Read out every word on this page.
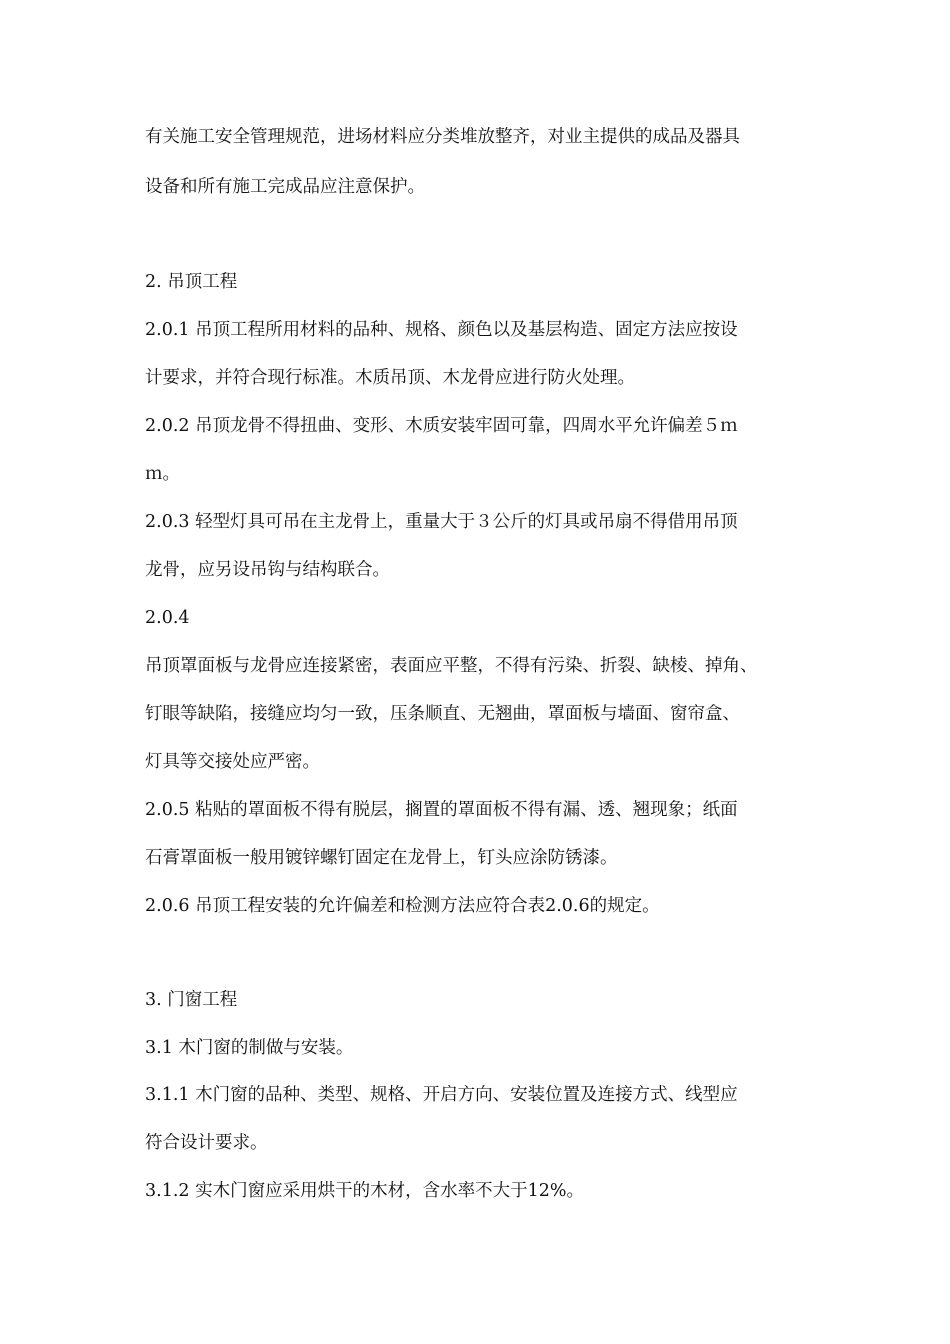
有关施工安全管理规范，进场材料应分类堆放整齐，对业主提供的成品及器具
设备和所有施工完成品应注意保护。
2. 吊顶工程
2.0.1 吊顶工程所用材料的品种、规格、颜色以及基层构造、固定方法应按设
计要求，并符合现行标准。木质吊顶、木龙骨应进行防火处理。
2.0.2 吊顶龙骨不得扭曲、变形、木质安装牢固可靠，四周水平允许偏差５ｍ
ｍ。
2.0.3 轻型灯具可吊在主龙骨上，重量大于３公斤的灯具或吊扇不得借用吊顶
龙骨，应另设吊钩与结构联合。
2.0.4
吊顶罩面板与龙骨应连接紧密，表面应平整，不得有污染、折裂、缺棱、掉角、
钉眼等缺陷，接缝应均匀一致，压条顺直、无翘曲，罩面板与墙面、窗帘盒、
灯具等交接处应严密。
2.0.5 粘贴的罩面板不得有脱层，搁置的罩面板不得有漏、透、翘现象；纸面
石膏罩面板一般用镀锌螺钉固定在龙骨上，钉头应涂防锈漆。
2.0.6 吊顶工程安装的允许偏差和检测方法应符合表2.0.6的规定。
3. 门窗工程
3.1 木门窗的制做与安装。
3.1.1 木门窗的品种、类型、规格、开启方向、安装位置及连接方式、线型应
符合设计要求。
3.1.2 实木门窗应采用烘干的木材，含水率不大于12%。
